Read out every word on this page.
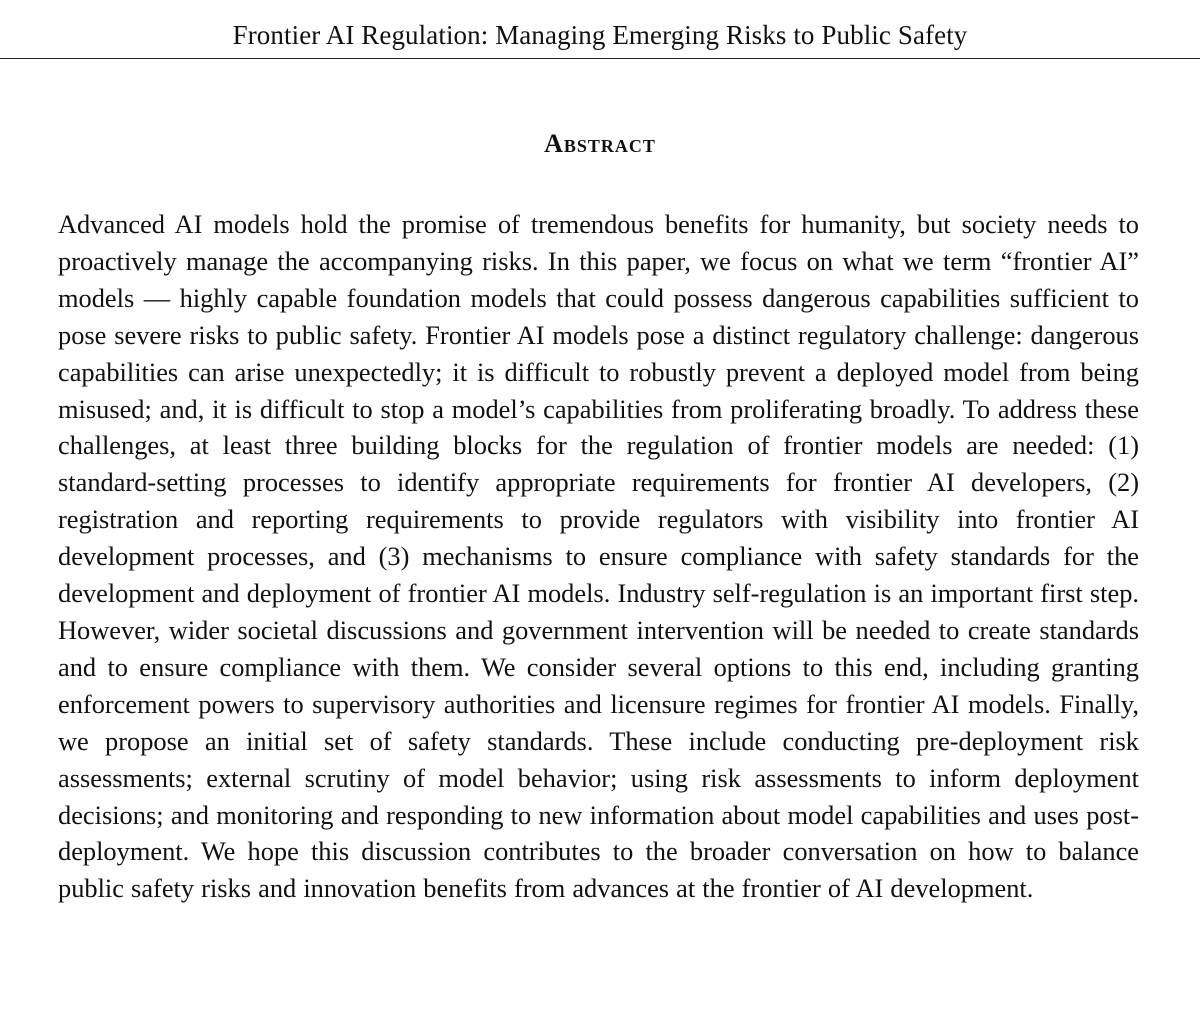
Frontier AI Regulation: Managing Emerging Risks to Public Safety
Abstract

Advanced AI models hold the promise of tremendous benefits for humanity, but society needs to proactively manage the accompanying risks. In this paper, we focus on what we term “frontier AI” models — highly capable foundation models that could possess dangerous capabilities sufficient to pose severe risks to public safety. Frontier AI models pose a distinct regulatory challenge: dangerous capabilities can arise unexpectedly; it is difficult to robustly prevent a deployed model from being misused; and, it is difficult to stop a model’s capabilities from proliferating broadly. To address these challenges, at least three building blocks for the regulation of frontier models are needed: (1) standard-setting processes to identify appropriate requirements for frontier AI developers, (2) registration and reporting requirements to provide regulators with visibility into frontier AI development processes, and (3) mechanisms to ensure compliance with safety standards for the development and deployment of frontier AI models. Industry self-regulation is an important first step. However, wider societal discussions and government intervention will be needed to create standards and to ensure compliance with them. We consider several options to this end, including granting enforcement powers to supervisory authorities and licensure regimes for frontier AI models. Finally, we propose an initial set of safety standards. These include conducting pre-deployment risk assessments; external scrutiny of model behavior; using risk assessments to inform deployment decisions; and monitoring and responding to new information about model capabilities and uses post-deployment. We hope this discussion contributes to the broader conversation on how to balance public safety risks and innovation benefits from advances at the frontier of AI development.
